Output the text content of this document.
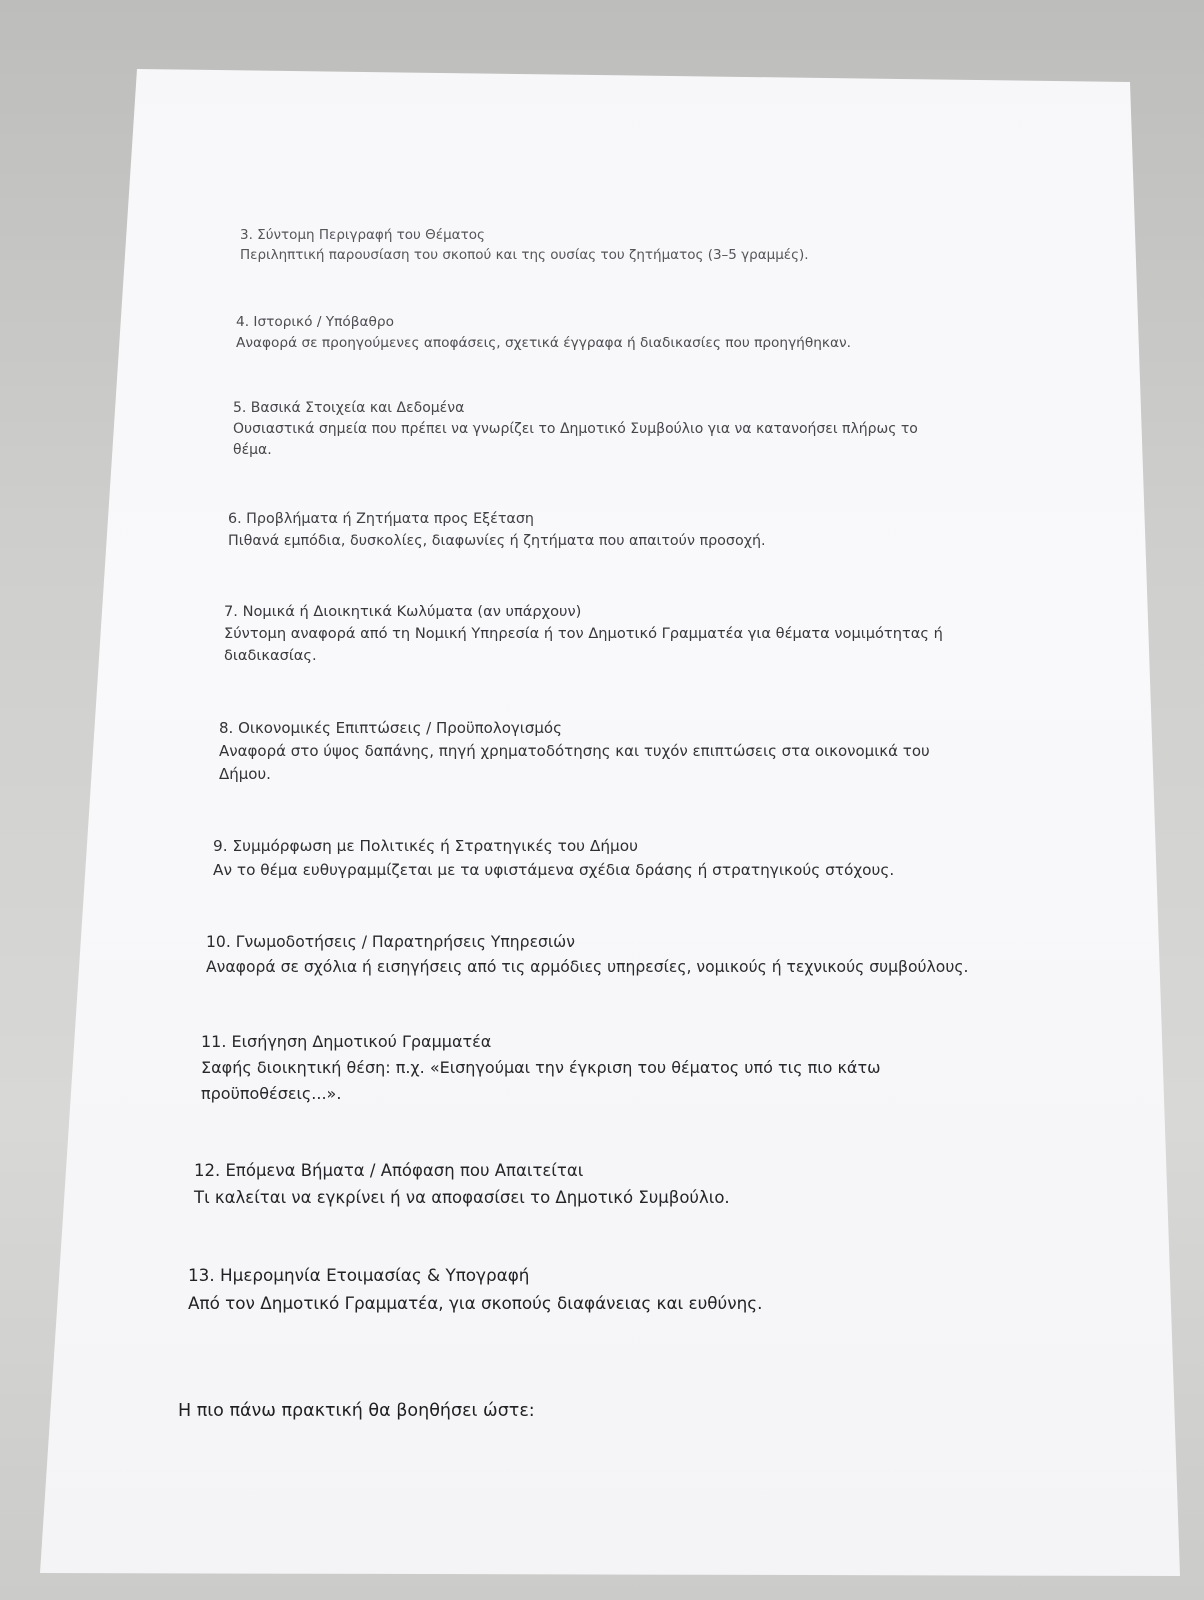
3. Σύντομη Περιγραφή του Θέματος
Περιληπτική παρουσίαση του σκοπού και της ουσίας του ζητήματος (3–5 γραμμές).
4. Ιστορικό / Υπόβαθρο
Αναφορά σε προηγούμενες αποφάσεις, σχετικά έγγραφα ή διαδικασίες που προηγήθηκαν.
5. Βασικά Στοιχεία και Δεδομένα
Ουσιαστικά σημεία που πρέπει να γνωρίζει το Δημοτικό Συμβούλιο για να κατανοήσει πλήρως το
θέμα.
6. Προβλήματα ή Ζητήματα προς Εξέταση
Πιθανά εμπόδια, δυσκολίες, διαφωνίες ή ζητήματα που απαιτούν προσοχή.
7. Νομικά ή Διοικητικά Κωλύματα (αν υπάρχουν)
Σύντομη αναφορά από τη Νομική Υπηρεσία ή τον Δημοτικό Γραμματέα για θέματα νομιμότητας ή
διαδικασίας.
8. Οικονομικές Επιπτώσεις / Προϋπολογισμός
Αναφορά στο ύψος δαπάνης, πηγή χρηματοδότησης και τυχόν επιπτώσεις στα οικονομικά του
Δήμου.
9. Συμμόρφωση με Πολιτικές ή Στρατηγικές του Δήμου
Αν το θέμα ευθυγραμμίζεται με τα υφιστάμενα σχέδια δράσης ή στρατηγικούς στόχους.
10. Γνωμοδοτήσεις / Παρατηρήσεις Υπηρεσιών
Αναφορά σε σχόλια ή εισηγήσεις από τις αρμόδιες υπηρεσίες, νομικούς ή τεχνικούς συμβούλους.
11. Εισήγηση Δημοτικού Γραμματέα
Σαφής διοικητική θέση: π.χ. «Εισηγούμαι την έγκριση του θέματος υπό τις πιο κάτω
προϋποθέσεις...».
12. Επόμενα Βήματα / Απόφαση που Απαιτείται
Τι καλείται να εγκρίνει ή να αποφασίσει το Δημοτικό Συμβούλιο.
13. Ημερομηνία Ετοιμασίας & Υπογραφή
Από τον Δημοτικό Γραμματέα, για σκοπούς διαφάνειας και ευθύνης.
Η πιο πάνω πρακτική θα βοηθήσει ώστε:
